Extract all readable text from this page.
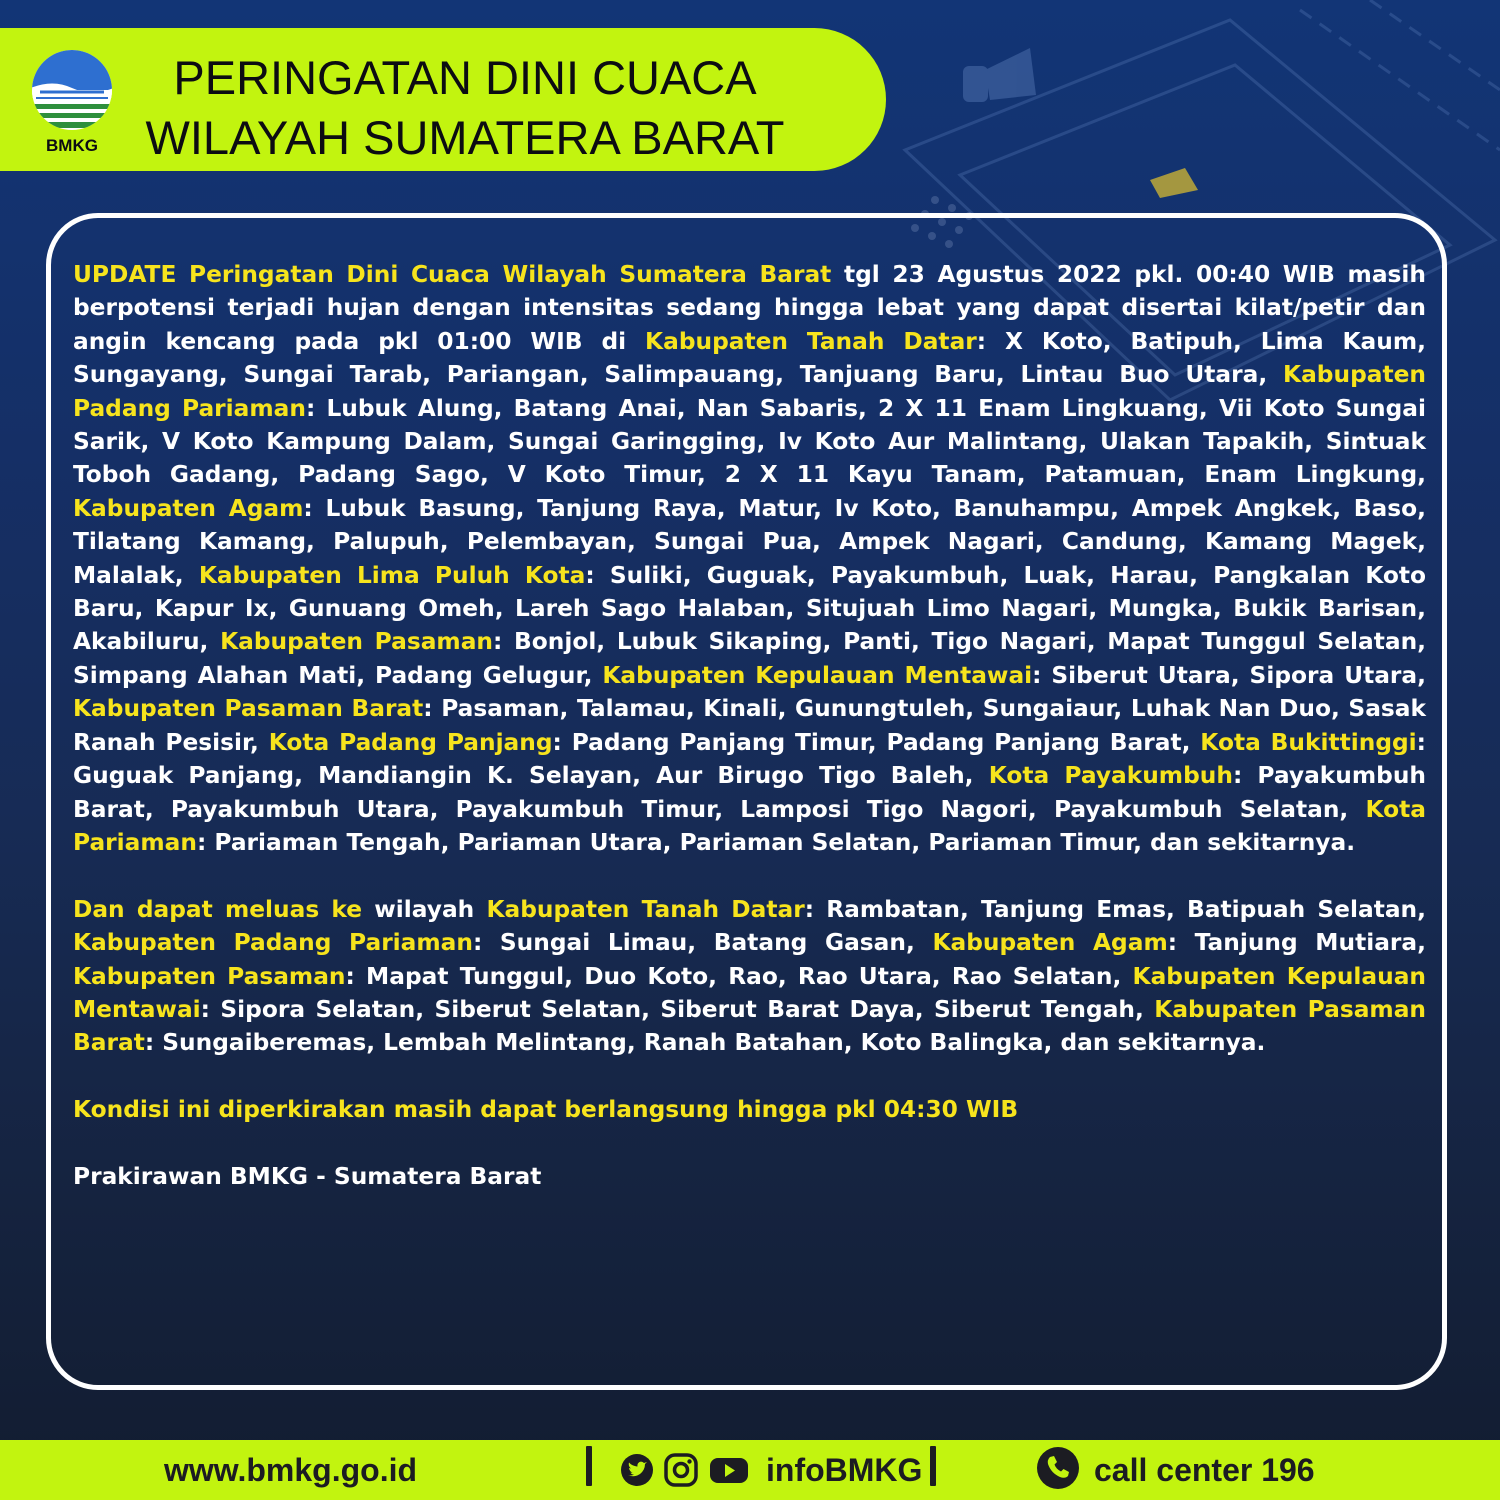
BMKG
PERINGATAN DINI CUACA
WILAYAH SUMATERA BARAT

UPDATE Peringatan Dini Cuaca Wilayah Sumatera Barat tgl 23 Agustus 2022 pkl. 00:40 WIB masih berpotensi terjadi hujan dengan intensitas sedang hingga lebat yang dapat disertai kilat/petir dan angin kencang pada pkl 01:00 WIB di Kabupaten Tanah Datar: X Koto, Batipuh, Lima Kaum, Sungayang, Sungai Tarab, Pariangan, Salimpauang, Tanjuang Baru, Lintau Buo Utara, Kabupaten Padang Pariaman: Lubuk Alung, Batang Anai, Nan Sabaris, 2 X 11 Enam Lingkuang, Vii Koto Sungai Sarik, V Koto Kampung Dalam, Sungai Garingging, Iv Koto Aur Malintang, Ulakan Tapakih, Sintuak Toboh Gadang, Padang Sago, V Koto Timur, 2 X 11 Kayu Tanam, Patamuan, Enam Lingkung, Kabupaten Agam: Lubuk Basung, Tanjung Raya, Matur, Iv Koto, Banuhampu, Ampek Angkek, Baso, Tilatang Kamang, Palupuh, Pelembayan, Sungai Pua, Ampek Nagari, Candung, Kamang Magek, Malalak, Kabupaten Lima Puluh Kota: Suliki, Guguak, Payakumbuh, Luak, Harau, Pangkalan Koto Baru, Kapur Ix, Gunuang Omeh, Lareh Sago Halaban, Situjuah Limo Nagari, Mungka, Bukik Barisan, Akabiluru, Kabupaten Pasaman: Bonjol, Lubuk Sikaping, Panti, Tigo Nagari, Mapat Tunggul Selatan, Simpang Alahan Mati, Padang Gelugur, Kabupaten Kepulauan Mentawai: Siberut Utara, Sipora Utara, Kabupaten Pasaman Barat: Pasaman, Talamau, Kinali, Gunungtuleh, Sungaiaur, Luhak Nan Duo, Sasak Ranah Pesisir, Kota Padang Panjang: Padang Panjang Timur, Padang Panjang Barat, Kota Bukittinggi: Guguak Panjang, Mandiangin K. Selayan, Aur Birugo Tigo Baleh, Kota Payakumbuh: Payakumbuh Barat, Payakumbuh Utara, Payakumbuh Timur, Lamposi Tigo Nagori, Payakumbuh Selatan, Kota Pariaman: Pariaman Tengah, Pariaman Utara, Pariaman Selatan, Pariaman Timur, dan sekitarnya.

Dan dapat meluas ke wilayah Kabupaten Tanah Datar: Rambatan, Tanjung Emas, Batipuah Selatan, Kabupaten Padang Pariaman: Sungai Limau, Batang Gasan, Kabupaten Agam: Tanjung Mutiara, Kabupaten Pasaman: Mapat Tunggul, Duo Koto, Rao, Rao Utara, Rao Selatan, Kabupaten Kepulauan Mentawai: Sipora Selatan, Siberut Selatan, Siberut Barat Daya, Siberut Tengah, Kabupaten Pasaman Barat: Sungaiberemas, Lembah Melintang, Ranah Batahan, Koto Balingka, dan sekitarnya.

Kondisi ini diperkirakan masih dapat berlangsung hingga pkl 04:30 WIB

Prakirawan BMKG - Sumatera Barat

www.bmkg.go.id	infoBMKG	call center 196
